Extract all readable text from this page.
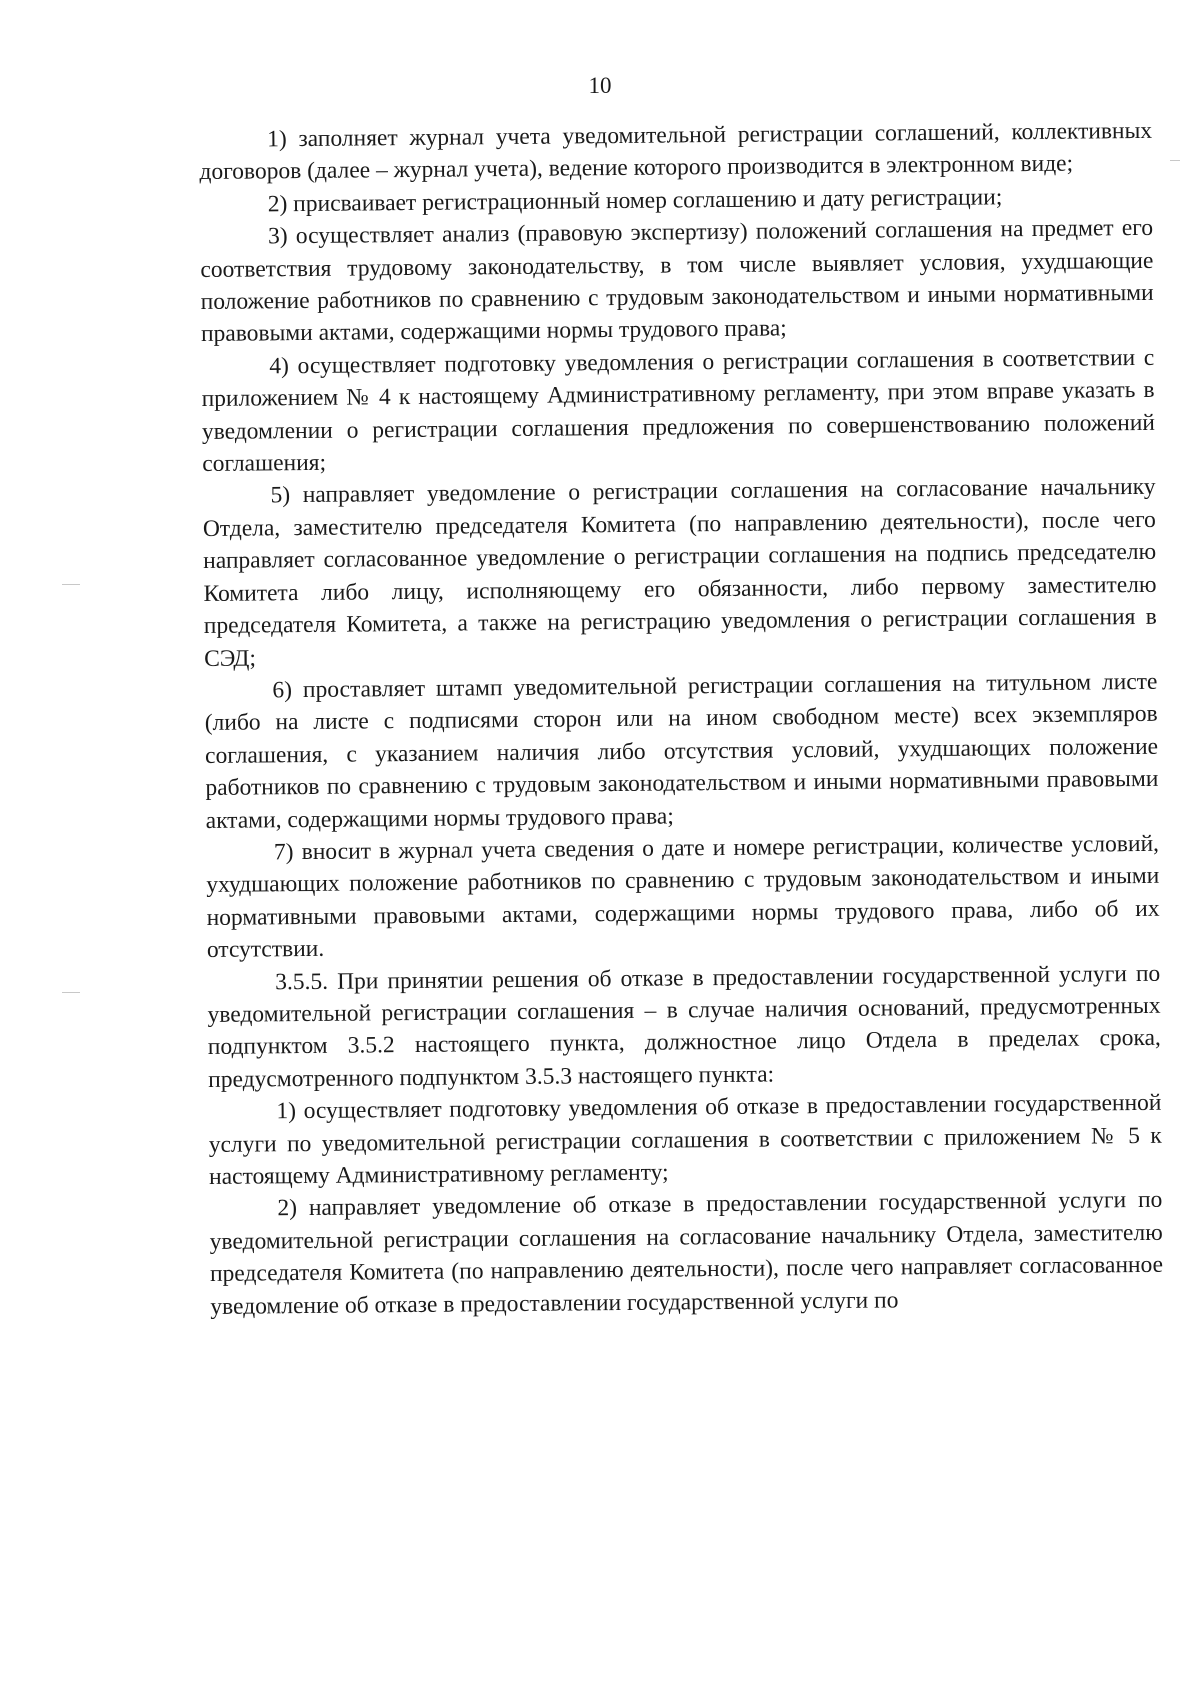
10

1) заполняет журнал учета уведомительной регистрации соглашений, коллективных договоров (далее – журнал учета), ведение которого производится в электронном виде;

2) присваивает регистрационный номер соглашению и дату регистрации;

3) осуществляет анализ (правовую экспертизу) положений соглашения на предмет его соответствия трудовому законодательству, в том числе выявляет условия, ухудшающие положение работников по сравнению с трудовым законодательством и иными нормативными правовыми актами, содержащими нормы трудового права;

4) осуществляет подготовку уведомления о регистрации соглашения в соответствии с приложением № 4 к настоящему Административному регламенту, при этом вправе указать в уведомлении о регистрации соглашения предложения по совершенствованию положений соглашения;

5) направляет уведомление о регистрации соглашения на согласование начальнику Отдела, заместителю председателя Комитета (по направлению деятельности), после чего направляет согласованное уведомление о регистрации соглашения на подпись председателю Комитета либо лицу, исполняющему его обязанности, либо первому заместителю председателя Комитета, а также на регистрацию уведомления о регистрации соглашения в СЭД;

6) проставляет штамп уведомительной регистрации соглашения на титульном листе (либо на листе с подписями сторон или на ином свободном месте) всех экземпляров соглашения, с указанием наличия либо отсутствия условий, ухудшающих положение работников по сравнению с трудовым законодательством и иными нормативными правовыми актами, содержащими нормы трудового права;

7) вносит в журнал учета сведения о дате и номере регистрации, количестве условий, ухудшающих положение работников по сравнению с трудовым законодательством и иными нормативными правовыми актами, содержащими нормы трудового права, либо об их отсутствии.

3.5.5. При принятии решения об отказе в предоставлении государственной услуги по уведомительной регистрации соглашения – в случае наличия оснований, предусмотренных подпунктом 3.5.2 настоящего пункта, должностное лицо Отдела в пределах срока, предусмотренного подпунктом 3.5.3 настоящего пункта:

1) осуществляет подготовку уведомления об отказе в предоставлении государственной услуги по уведомительной регистрации соглашения в соответствии с приложением № 5 к настоящему Административному регламенту;

2) направляет уведомление об отказе в предоставлении государственной услуги по уведомительной регистрации соглашения на согласование начальнику Отдела, заместителю председателя Комитета (по направлению деятельности), после чего направляет согласованное уведомление об отказе в предоставлении государственной услуги по
